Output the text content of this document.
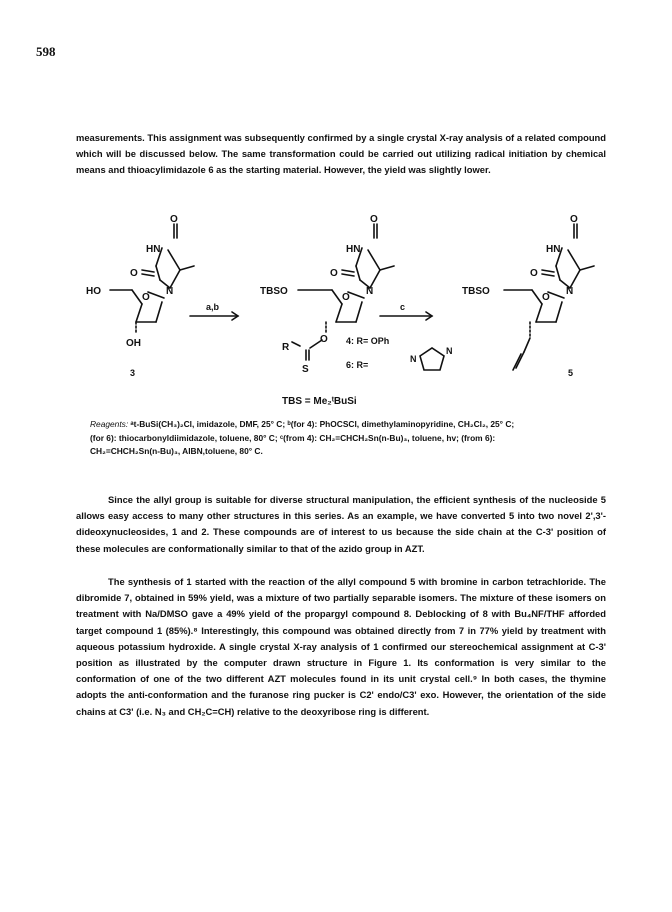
598

measurements. This assignment was subsequently confirmed by a single crystal X-ray analysis of a related compound which will be discussed below. The same transformation could be carried out utilizing radical initiation by chemical means and thioacylimidazole 6 as the starting material. However, the yield was slightly lower.

O
HN
O
N
O
HO
OH
3
a,b
O
HN
O
N
O
TBSO
R
O
S
4: R= OPh
6: R=
N
N
TBS = Me₂ᵗBuSi
c
O
HN
O
N
O
TBSO
5
Reagents: ᵃt-BuSi(CH₃)₂Cl, imidazole, DMF, 25° C; ᵇ(for 4): PhOCSCl, dimethylaminopyridine, CH₂Cl₂, 25° C;
(for 6): thiocarbonyldiimidazole, toluene, 80° C; ᶜ(from 4): CH₂=CHCH₂Sn(n-Bu)₃, toluene, hv; (from 6):
CH₂=CHCH₂Sn(n-Bu)₃, AIBN,toluene, 80° C.

Since the allyl group is suitable for diverse structural manipulation, the efficient synthesis of the nucleoside 5 allows easy access to many other structures in this series. As an example, we have converted 5 into two novel 2',3'-dideoxynucleosides, 1 and 2. These compounds are of interest to us because the side chain at the C-3' position of these molecules are conformationally similar to that of the azido group in AZT.

The synthesis of 1 started with the reaction of the allyl compound 5 with bromine in carbon tetrachloride. The dibromide 7, obtained in 59% yield, was a mixture of two partially separable isomers. The mixture of these isomers on treatment with Na/DMSO gave a 49% yield of the propargyl compound 8. Deblocking of 8 with Bu₄NF/THF afforded target compound 1 (85%).⁸ Interestingly, this compound was obtained directly from 7 in 77% yield by treatment with aqueous potassium hydroxide. A single crystal X-ray analysis of 1 confirmed our stereochemical assignment at C-3' position as illustrated by the computer drawn structure in Figure 1. Its conformation is very similar to the conformation of one of the two different AZT molecules found in its unit crystal cell.⁹ In both cases, the thymine adopts the anti-conformation and the furanose ring pucker is C2' endo/C3' exo. However, the orientation of the side chains at C3' (i.e. N₃ and CH₂C=CH) relative to the deoxyribose ring is different.
